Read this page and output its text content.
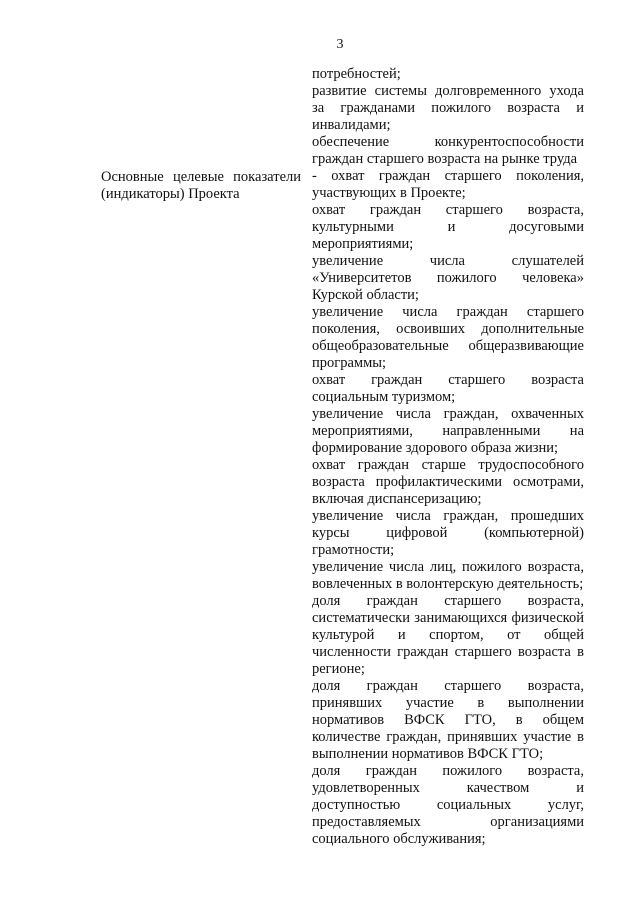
3
Основные целевые показатели
(индикаторы) Проекта
потребностей;
развитие системы долговременного ухода
за гражданами пожилого возраста и
инвалидами;
обеспечение конкурентоспособности
граждан старшего возраста на рынке труда
- охват граждан старшего поколения,
участвующих в Проекте;
охват граждан старшего возраста,
культурными и досуговыми
мероприятиями;
увеличение числа слушателей
«Университетов пожилого человека»
Курской области;
увеличение числа граждан старшего
поколения, освоивших дополнительные
общеобразовательные общеразвивающие
программы;
охват граждан старшего возраста
социальным туризмом;
увеличение числа граждан, охваченных
мероприятиями, направленными на
формирование здорового образа жизни;
охват граждан старше трудоспособного
возраста профилактическими осмотрами,
включая диспансеризацию;
увеличение числа граждан, прошедших
курсы цифровой (компьютерной)
грамотности;
увеличение числа лиц, пожилого возраста,
вовлеченных в волонтерскую деятельность;
доля граждан старшего возраста,
систематически занимающихся физической
культурой и спортом, от общей
численности граждан старшего возраста в
регионе;
доля граждан старшего возраста,
принявших участие в выполнении
нормативов ВФСК ГТО, в общем
количестве граждан, принявших участие в
выполнении нормативов ВФСК ГТО;
доля граждан пожилого возраста,
удовлетворенных качеством и
доступностью социальных услуг,
предоставляемых организациями
социального обслуживания;
